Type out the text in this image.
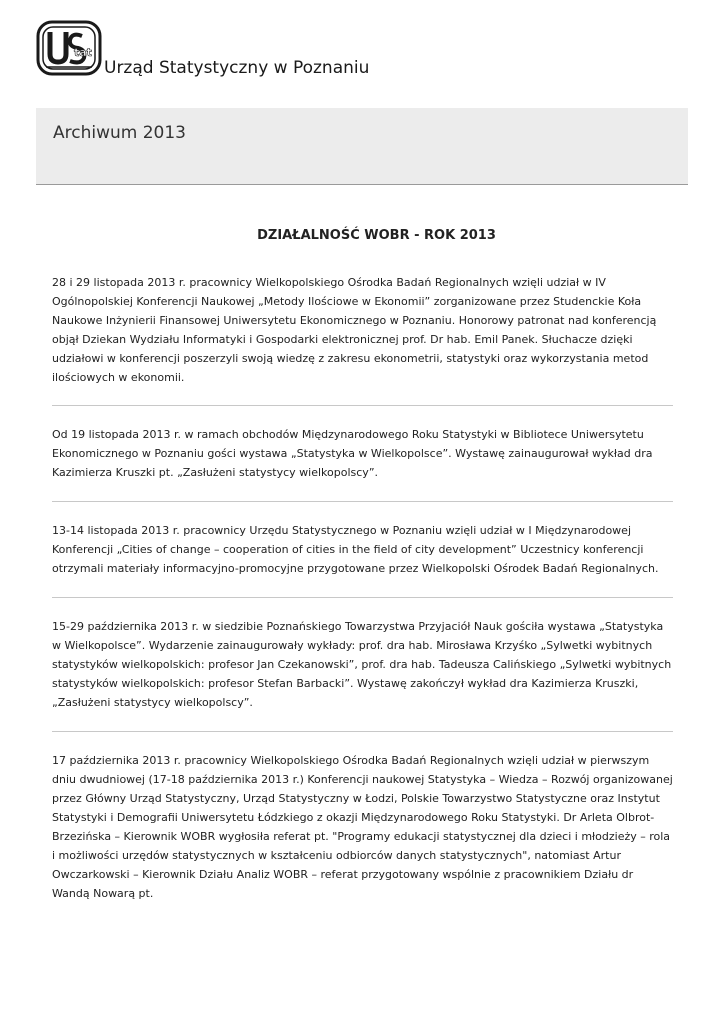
tat
Urząd Statystyczny w Poznaniu
Archiwum 2013
DZIAŁALNOŚĆ WOBR - ROK 2013

28 i 29 listopada 2013 r. pracownicy Wielkopolskiego Ośrodka Badań Regionalnych wzięli udział w IV Ogólnopolskiej Konferencji Naukowej „Metody Ilościowe w Ekonomii” zorganizowane przez Studenckie Koła Naukowe Inżynierii Finansowej Uniwersytetu Ekonomicznego w Poznaniu. Honorowy patronat nad konferencją objął Dziekan Wydziału Informatyki i Gospodarki elektronicznej prof. Dr hab. Emil Panek. Słuchacze dzięki udziałowi w konferencji poszerzyli swoją wiedzę z zakresu ekonometrii, statystyki oraz wykorzystania metod ilościowych w ekonomii.

Od 19 listopada 2013 r. w ramach obchodów Międzynarodowego Roku Statystyki w Bibliotece Uniwersytetu Ekonomicznego w Poznaniu gości wystawa „Statystyka w Wielkopolsce”. Wystawę zainaugurował wykład dra Kazimierza Kruszki pt. „Zasłużeni statystycy wielkopolscy”.

13-14 listopada 2013 r. pracownicy Urzędu Statystycznego w Poznaniu wzięli udział w I Międzynarodowej Konferencji „Cities of change – cooperation of cities in the field of city development” Uczestnicy konferencji otrzymali materiały informacyjno-promocyjne przygotowane przez Wielkopolski Ośrodek Badań Regionalnych.

15-29 października 2013 r. w siedzibie Poznańskiego Towarzystwa Przyjaciół Nauk gościła wystawa „Statystyka w Wielkopolsce”. Wydarzenie zainaugurowały wykłady: prof. dra hab. Mirosława Krzyśko „Sylwetki wybitnych statystyków wielkopolskich: profesor Jan Czekanowski”, prof. dra hab. Tadeusza Calińskiego „Sylwetki wybitnych statystyków wielkopolskich: profesor Stefan Barbacki”. Wystawę zakończył wykład dra Kazimierza Kruszki, „Zasłużeni statystycy wielkopolscy”.

17 października 2013 r. pracownicy Wielkopolskiego Ośrodka Badań Regionalnych wzięli udział w pierwszym dniu dwudniowej (17-18 października 2013 r.) Konferencji naukowej Statystyka – Wiedza – Rozwój organizowanej przez Główny Urząd Statystyczny, Urząd Statystyczny w Łodzi, Polskie Towarzystwo Statystyczne oraz Instytut Statystyki i Demografii Uniwersytetu Łódzkiego z okazji Międzynarodowego Roku Statystyki. Dr Arleta Olbrot-Brzezińska – Kierownik WOBR wygłosiła referat pt. "Programy edukacji statystycznej dla dzieci i młodzieży – rola i możliwości urzędów statystycznych w kształceniu odbiorców danych statystycznych", natomiast Artur Owczarkowski – Kierownik Działu Analiz WOBR – referat przygotowany wspólnie z pracownikiem Działu dr Wandą Nowarą pt.
